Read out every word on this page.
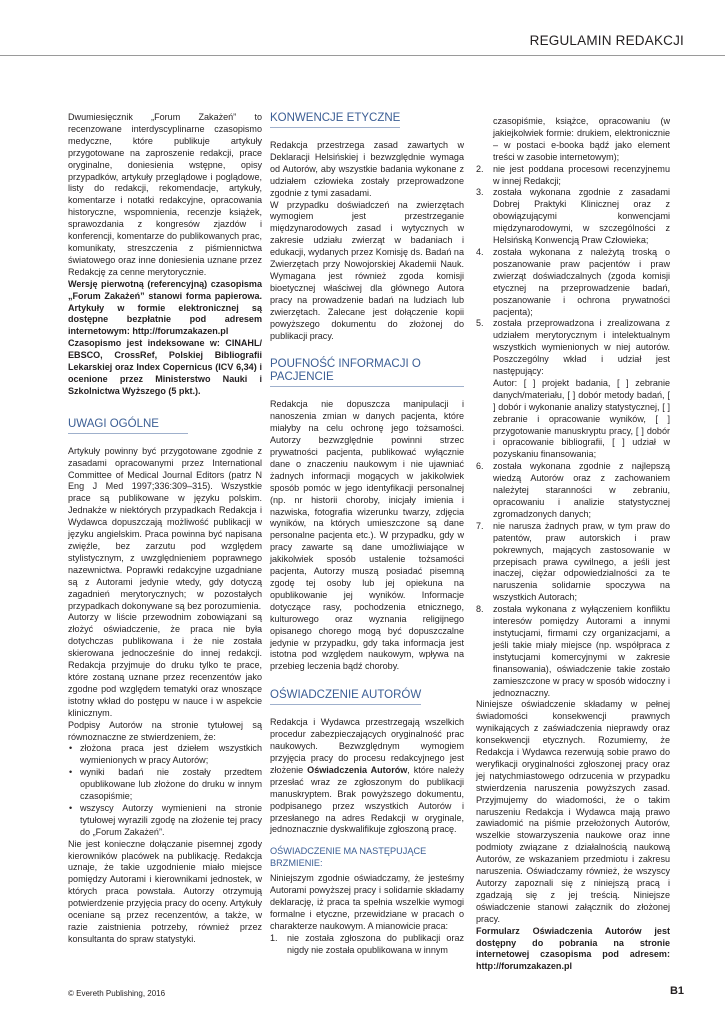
REGULAMIN REDAKCJI

Dwumiesięcznik „Forum Zakażeń” to recenzowane interdyscyplinarne czasopismo medyczne, które publikuje artykuły przygotowane na zaproszenie redakcji, prace oryginalne, doniesienia wstępne, opisy przypadków, artykuły przeglądowe i poglądowe, listy do redakcji, rekomendacje, artykuły, komentarze i notatki redakcyjne, opracowania historyczne, wspomnienia, recenzje książek, sprawozdania z kongresów zjazdów i konferencji, komentarze do publikowanych prac, komunikaty, streszczenia z piśmiennictwa światowego oraz inne doniesienia uznane przez Redakcję za cenne merytorycznie.

Wersję pierwotną (referencyjną) czasopisma „Forum Zakażeń” stanowi forma papierowa. Artykuły w formie elektronicznej są dostępne bezpłatnie pod adresem internetowym: http://forumzakazen.pl

Czasopismo jest indeksowane w: CINAHL/ EBSCO, CrossRef, Polskiej Bibliografii Lekarskiej oraz Index Copernicus (ICV 6,34) i ocenione przez Ministerstwo Nauki i Szkolnictwa Wyższego (5 pkt.).

UWAGI OGÓLNE

Artykuły powinny być przygotowane zgodnie z zasadami opracowanymi przez International Committee of Medical Journal Editors (patrz N Eng J Med 1997;336:309–315). Wszystkie prace są publikowane w języku polskim. Jednakże w niektórych przypadkach Redakcja i Wydawca dopuszczają możliwość publikacji w języku angielskim. Praca powinna być napisana zwięźle, bez zarzutu pod względem stylistycznym, z uwzględnieniem poprawnego nazewnictwa. Poprawki redakcyjne uzgadniane są z Autorami jedynie wtedy, gdy dotyczą zagadnień merytorycznych; w pozostałych przypadkach dokonywane są bez porozumienia.

Autorzy w liście przewodnim zobowiązani są złożyć oświadczenie, że praca nie była dotychczas publikowana i że nie została skierowana jednocześnie do innej redakcji. Redakcja przyjmuje do druku tylko te prace, które zostaną uznane przez recenzentów jako zgodne pod względem tematyki oraz wnoszące istotny wkład do postępu w nauce i w aspekcie klinicznym.

Podpisy Autorów na stronie tytułowej są równoznaczne ze stwierdzeniem, że:

• złożona praca jest dziełem wszystkich wymienionych w pracy Autorów;
• wyniki badań nie zostały przedtem opublikowane lub złożone do druku w innym czasopiśmie;
• wszyscy Autorzy wymienieni na stronie tytułowej wyrazili zgodę na złożenie tej pracy do „Forum Zakażeń”.

Nie jest konieczne dołączanie pisemnej zgody kierowników placówek na publikację. Redakcja uznaje, że takie uzgodnienie miało miejsce pomiędzy Autorami i kierownikami jednostek, w których praca powstała. Autorzy otrzymują potwierdzenie przyjęcia pracy do oceny. Artykuły oceniane są przez recenzentów, a także, w razie zaistnienia potrzeby, również przez konsultanta do spraw statystyki.

KONWENCJE ETYCZNE

Redakcja przestrzega zasad zawartych w Deklaracji Helsińskiej i bezwzględnie wymaga od Autorów, aby wszystkie badania wykonane z udziałem człowieka zostały przeprowadzone zgodnie z tymi zasadami.

W przypadku doświadczeń na zwierzętach wymogiem jest przestrzeganie międzynarodowych zasad i wytycznych w zakresie udziału zwierząt w badaniach i edukacji, wydanych przez Komisję ds. Badań na Zwierzętach przy Nowojorskiej Akademii Nauk. Wymagana jest również zgoda komisji bioetycznej właściwej dla głównego Autora pracy na prowadzenie badań na ludziach lub zwierzętach. Zalecane jest dołączenie kopii powyższego dokumentu do złożonej do publikacji pracy.

POUFNOŚĆ INFORMACJI O PACJENCIE

Redakcja nie dopuszcza manipulacji i nanoszenia zmian w danych pacjenta, które miałyby na celu ochronę jego tożsamości. Autorzy bezwzględnie powinni strzec prywatności pacjenta, publikować wyłącznie dane o znaczeniu naukowym i nie ujawniać żadnych informacji mogących w jakikolwiek sposób pomóc w jego identyfikacji personalnej (np. nr historii choroby, inicjały imienia i nazwiska, fotografia wizerunku twarzy, zdjęcia wyników, na których umieszczone są dane personalne pacjenta etc.). W przypadku, gdy w pracy zawarte są dane umożliwiające w jakikolwiek sposób ustalenie tożsamości pacjenta, Autorzy muszą posiadać pisemną zgodę tej osoby lub jej opiekuna na opublikowanie jej wyników. Informacje dotyczące rasy, pochodzenia etnicznego, kulturowego oraz wyznania religijnego opisanego chorego mogą być dopuszczalne jedynie w przypadku, gdy taka informacja jest istotna pod względem naukowym, wpływa na przebieg leczenia bądź choroby.

OŚWIADCZENIE AUTORÓW

Redakcja i Wydawca przestrzegają wszelkich procedur zabezpieczających oryginalność prac naukowych. Bezwzględnym wymogiem przyjęcia pracy do procesu redakcyjnego jest złożenie Oświadczenia Autorów, które należy przesłać wraz ze zgłoszonym do publikacji manuskryptem. Brak powyższego dokumentu, podpisanego przez wszystkich Autorów i przesłanego na adres Redakcji w oryginale, jednoznacznie dyskwalifikuje zgłoszoną pracę.

OŚWIADCZENIE MA NASTĘPUJĄCE BRZMIENIE:

Niniejszym zgodnie oświadczamy, że jesteśmy Autorami powyższej pracy i solidarnie składamy deklarację, iż praca ta spełnia wszelkie wymogi formalne i etyczne, przewidziane w pracach o charakterze naukowym. A mianowicie praca:

1. nie została zgłoszona do publikacji oraz nigdy nie została opublikowana w innym

czasopiśmie, książce, opracowaniu (w jakiejkolwiek formie: drukiem, elektronicznie – w postaci e-booka bądź jako element treści w zasobie internetowym);

2. nie jest poddana procesowi recenzyjnemu w innej Redakcji;
3. została wykonana zgodnie z zasadami Dobrej Praktyki Klinicznej oraz z obowiązującymi konwencjami międzynarodowymi, w szczególności z Helsińską Konwencją Praw Człowieka;
4. została wykonana z należytą troską o poszanowanie praw pacjentów i praw zwierząt doświadczalnych (zgoda komisji etycznej na przeprowadzenie badań, poszanowanie i ochrona prywatności pacjenta);
5. została przeprowadzona i zrealizowana z udziałem merytorycznym i intelektualnym wszystkich wymienionych w niej autorów. Poszczególny wkład i udział jest następujący:

Autor: [ ] projekt badania, [ ] zebranie danych/materiału, [ ] dobór metody badań, [ ] dobór i wykonanie analizy statystycznej, [ ] zebranie i opracowanie wyników, [ ] przygotowanie manuskryptu pracy, [ ] dobór i opracowanie bibliografii, [ ] udział w pozyskaniu finansowania;

6. została wykonana zgodnie z najlepszą wiedzą Autorów oraz z zachowaniem należytej staranności w zebraniu, opracowaniu i analizie statystycznej zgromadzonych danych;
7. nie narusza żadnych praw, w tym praw do patentów, praw autorskich i praw pokrewnych, mających zastosowanie w przepisach prawa cywilnego, a jeśli jest inaczej, ciężar odpowiedzialności za te naruszenia solidarnie spoczywa na wszystkich Autorach;
8. została wykonana z wyłączeniem konfliktu interesów pomiędzy Autorami a innymi instytucjami, firmami czy organizacjami, a jeśli takie miały miejsce (np. współpraca z instytucjami komercyjnymi w zakresie finansowania), oświadczenie takie zostało zamieszczone w pracy w sposób widoczny i jednoznaczny.

Niniejsze oświadczenie składamy w pełnej świadomości konsekwencji prawnych wynikających z zaświadczenia nieprawdy oraz konsekwencji etycznych. Rozumiemy, że Redakcja i Wydawca rezerwują sobie prawo do weryfikacji oryginalności zgłoszonej pracy oraz jej natychmiastowego odrzucenia w przypadku stwierdzenia naruszenia powyższych zasad. Przyjmujemy do wiadomości, że o takim naruszeniu Redakcja i Wydawca mają prawo zawiadomić na piśmie przełożonych Autorów, wszelkie stowarzyszenia naukowe oraz inne podmioty związane z działalnością naukową Autorów, ze wskazaniem przedmiotu i zakresu naruszenia. Oświadczamy również, że wszyscy Autorzy zapoznali się z niniejszą pracą i zgadzają się z jej treścią. Niniejsze oświadczenie stanowi załącznik do złożonej pracy.

Formularz Oświadczenia Autorów jest dostępny do pobrania na stronie internetowej czasopisma pod adresem: http://forumzakazen.pl

© Evereth Publishing, 2016	B1
